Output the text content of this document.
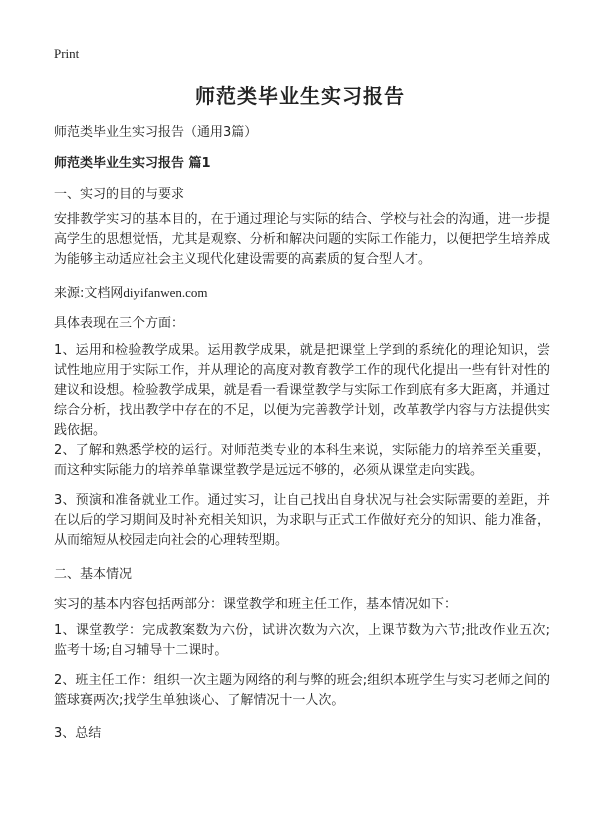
Print
师范类毕业生实习报告
师范类毕业生实习报告（通用3篇）
师范类毕业生实习报告 篇1
一、实习的目的与要求
安排教学实习的基本目的，在于通过理论与实际的结合、学校与社会的沟通，进一步提高学生的思想觉悟，尤其是观察、分析和解决问题的实际工作能力，以便把学生培养成为能够主动适应社会主义现代化建设需要的高素质的复合型人才。
来源:文档网diyifanwen.com
具体表现在三个方面：
1、运用和检验教学成果。运用教学成果，就是把课堂上学到的系统化的理论知识，尝试性地应用于实际工作，并从理论的高度对教育教学工作的现代化提出一些有针对性的建议和设想。检验教学成果，就是看一看课堂教学与实际工作到底有多大距离，并通过综合分析，找出教学中存在的不足，以便为完善教学计划，改革教学内容与方法提供实践依据。
2、了解和熟悉学校的运行。对师范类专业的本科生来说，实际能力的培养至关重要，而这种实际能力的培养单靠课堂教学是远远不够的，必须从课堂走向实践。
3、预演和准备就业工作。通过实习，让自己找出自身状况与社会实际需要的差距，并在以后的学习期间及时补充相关知识，为求职与正式工作做好充分的知识、能力准备，从而缩短从校园走向社会的心理转型期。
二、基本情况
实习的基本内容包括两部分：课堂教学和班主任工作，基本情况如下：
1、课堂教学：完成教案数为六份，试讲次数为六次，上课节数为六节;批改作业五次;监考十场;自习辅导十二课时。
2、班主任工作：组织一次主题为网络的利与弊的班会;组织本班学生与实习老师之间的篮球赛两次;找学生单独谈心、了解情况十一人次。
3、总结
